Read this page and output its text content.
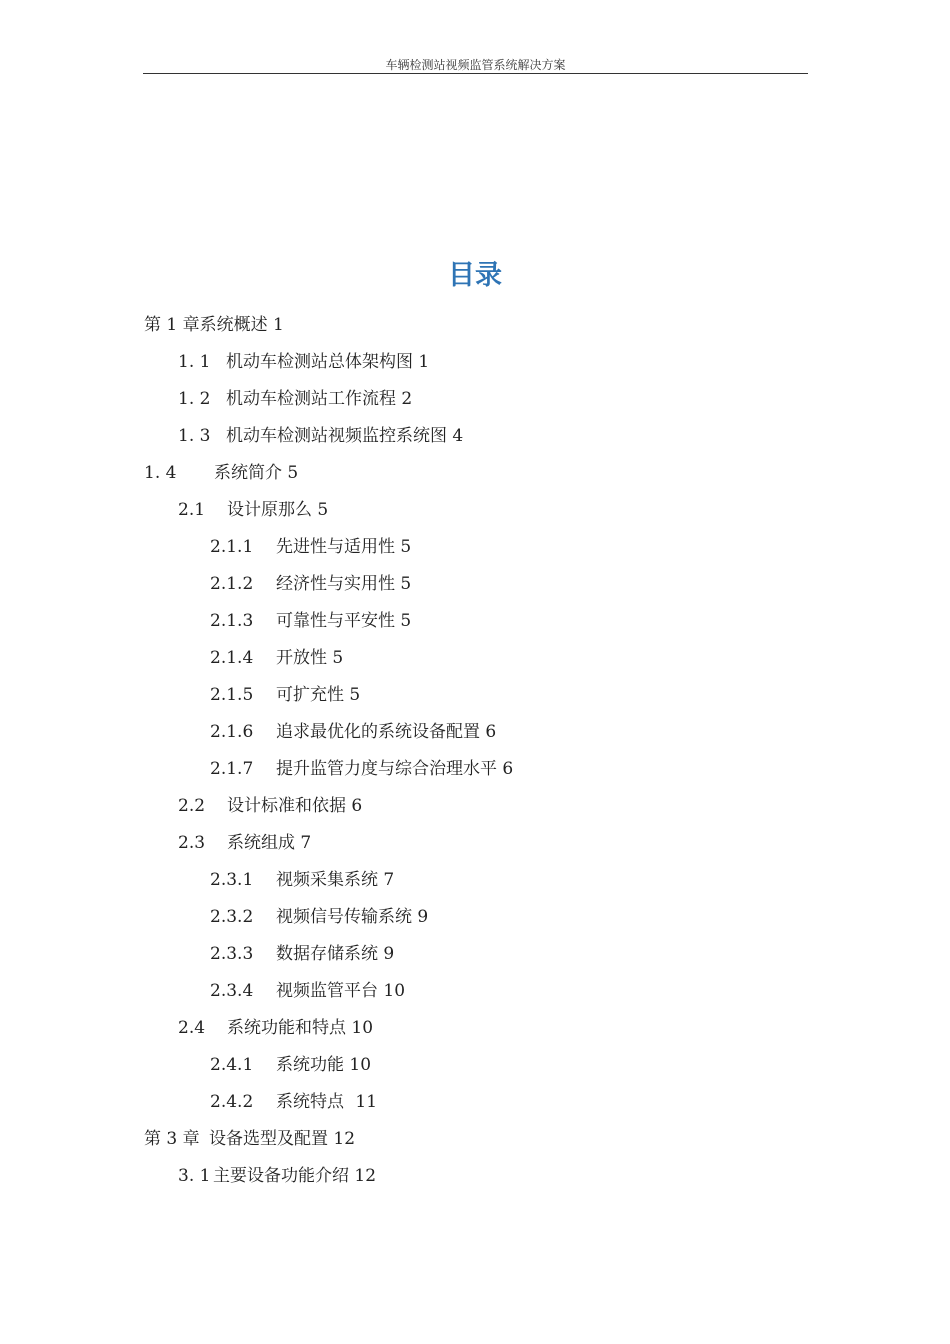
车辆检测站视频监管系统解决方案
目录
第 1 章系统概述 1
1. 1 机动车检测站总体架构图 1
1. 2 机动车检测站工作流程 2
1. 3 机动车检测站视频监控系统图 4
1. 4 系统简介 5
2.1 设计原那么 5
2.1.1 先进性与适用性 5
2.1.2 经济性与实用性 5
2.1.3 可靠性与平安性 5
2.1.4 开放性 5
2.1.5 可扩充性 5
2.1.6 追求最优化的系统设备配置 6
2.1.7 提升监管力度与综合治理水平 6
2.2 设计标准和依据 6
2.3 系统组成 7
2.3.1 视频采集系统 7
2.3.2 视频信号传输系统 9
2.3.3 数据存储系统 9
2.3.4 视频监管平台 10
2.4 系统功能和特点 10
2.4.1 系统功能 10
2.4.2 系统特点 11
第 3 章 设备选型及配置 12
3. 1 主要设备功能介绍 12
